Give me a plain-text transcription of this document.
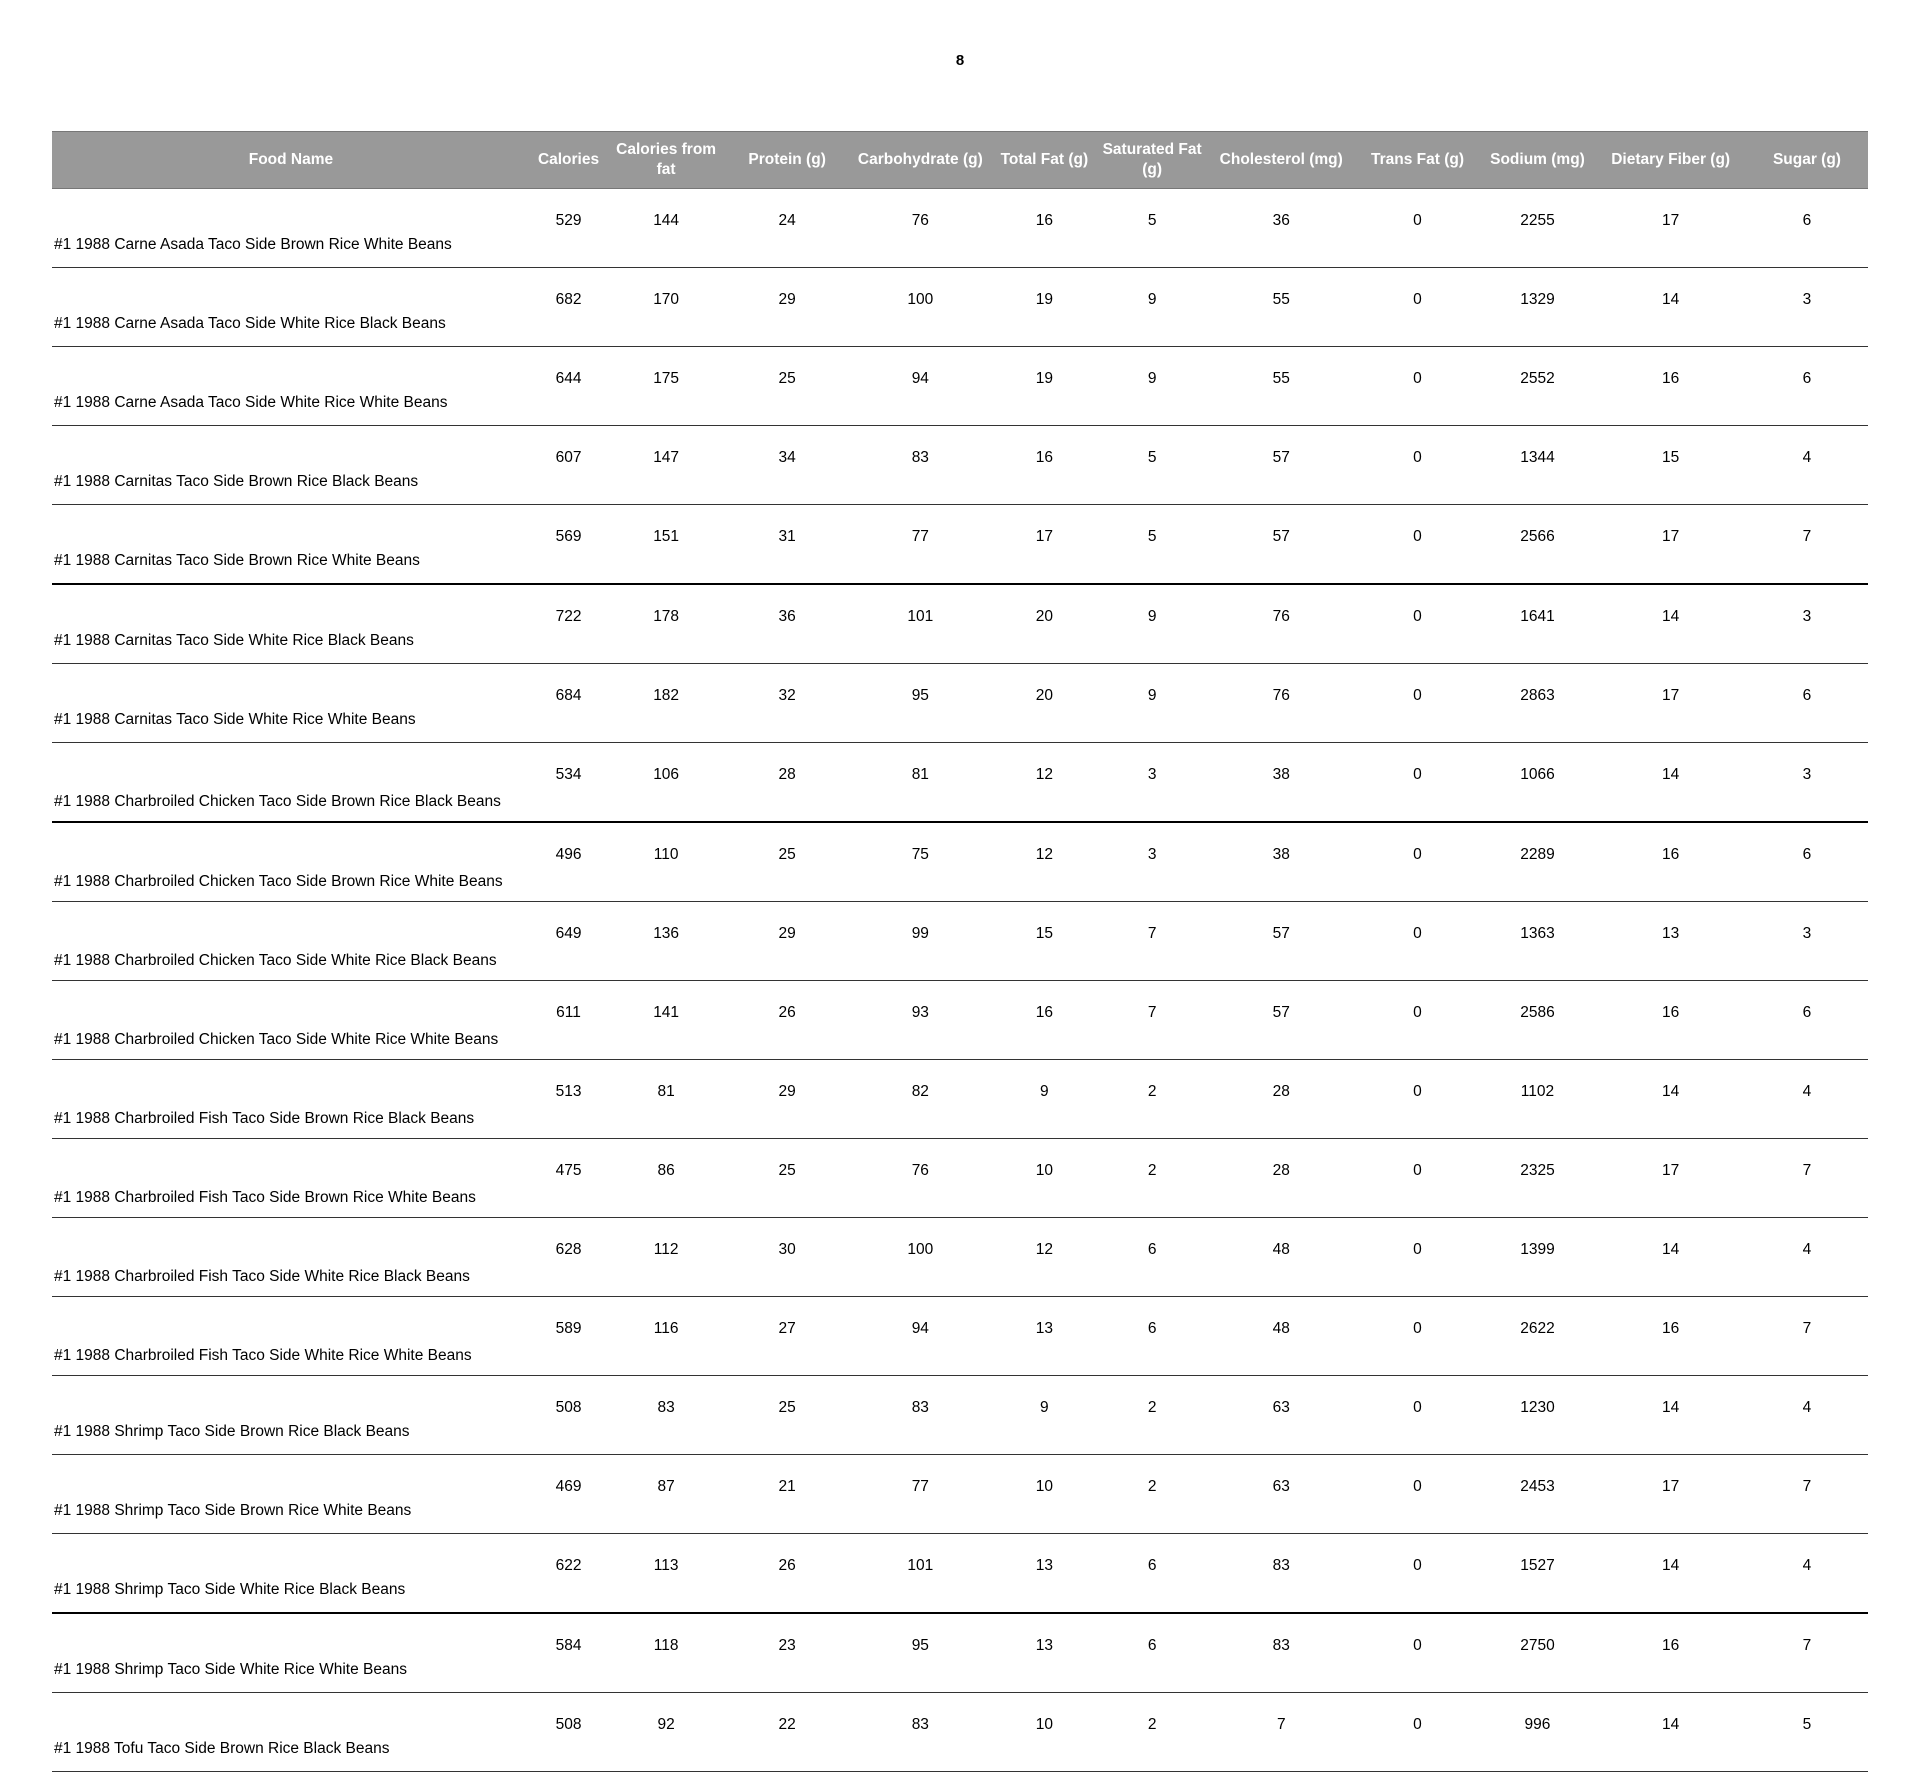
8
Food Name	Calories	Calories from fat	Protein (g)	Carbohydrate (g)	Total Fat (g)	Saturated Fat (g)	Cholesterol (mg)	Trans Fat (g)	Sodium (mg)	Dietary Fiber (g)	Sugar (g)
#1 1988 Carne Asada Taco Side Brown Rice White Beans	529	144	24	76	16	5	36	0	2255	17	6
#1 1988 Carne Asada Taco Side White Rice Black Beans	682	170	29	100	19	9	55	0	1329	14	3
#1 1988 Carne Asada Taco Side White Rice White Beans	644	175	25	94	19	9	55	0	2552	16	6
#1 1988 Carnitas Taco Side Brown Rice Black Beans	607	147	34	83	16	5	57	0	1344	15	4
#1 1988 Carnitas Taco Side Brown Rice White Beans	569	151	31	77	17	5	57	0	2566	17	7
#1 1988 Carnitas Taco Side White Rice Black Beans	722	178	36	101	20	9	76	0	1641	14	3
#1 1988 Carnitas Taco Side White Rice White Beans	684	182	32	95	20	9	76	0	2863	17	6
#1 1988 Charbroiled Chicken Taco Side Brown Rice Black Beans	534	106	28	81	12	3	38	0	1066	14	3
#1 1988 Charbroiled Chicken Taco Side Brown Rice White Beans	496	110	25	75	12	3	38	0	2289	16	6
#1 1988 Charbroiled Chicken Taco Side White Rice Black Beans	649	136	29	99	15	7	57	0	1363	13	3
#1 1988 Charbroiled Chicken Taco Side White Rice White Beans	611	141	26	93	16	7	57	0	2586	16	6
#1 1988 Charbroiled Fish Taco Side Brown Rice Black Beans	513	81	29	82	9	2	28	0	1102	14	4
#1 1988 Charbroiled Fish Taco Side Brown Rice White Beans	475	86	25	76	10	2	28	0	2325	17	7
#1 1988 Charbroiled Fish Taco Side White Rice Black Beans	628	112	30	100	12	6	48	0	1399	14	4
#1 1988 Charbroiled Fish Taco Side White Rice White Beans	589	116	27	94	13	6	48	0	2622	16	7
#1 1988 Shrimp Taco Side Brown Rice Black Beans	508	83	25	83	9	2	63	0	1230	14	4
#1 1988 Shrimp Taco Side Brown Rice White Beans	469	87	21	77	10	2	63	0	2453	17	7
#1 1988 Shrimp Taco Side White Rice Black Beans	622	113	26	101	13	6	83	0	1527	14	4
#1 1988 Shrimp Taco Side White Rice White Beans	584	118	23	95	13	6	83	0	2750	16	7
#1 1988 Tofu Taco Side Brown Rice Black Beans	508	92	22	83	10	2	7	0	996	14	5
